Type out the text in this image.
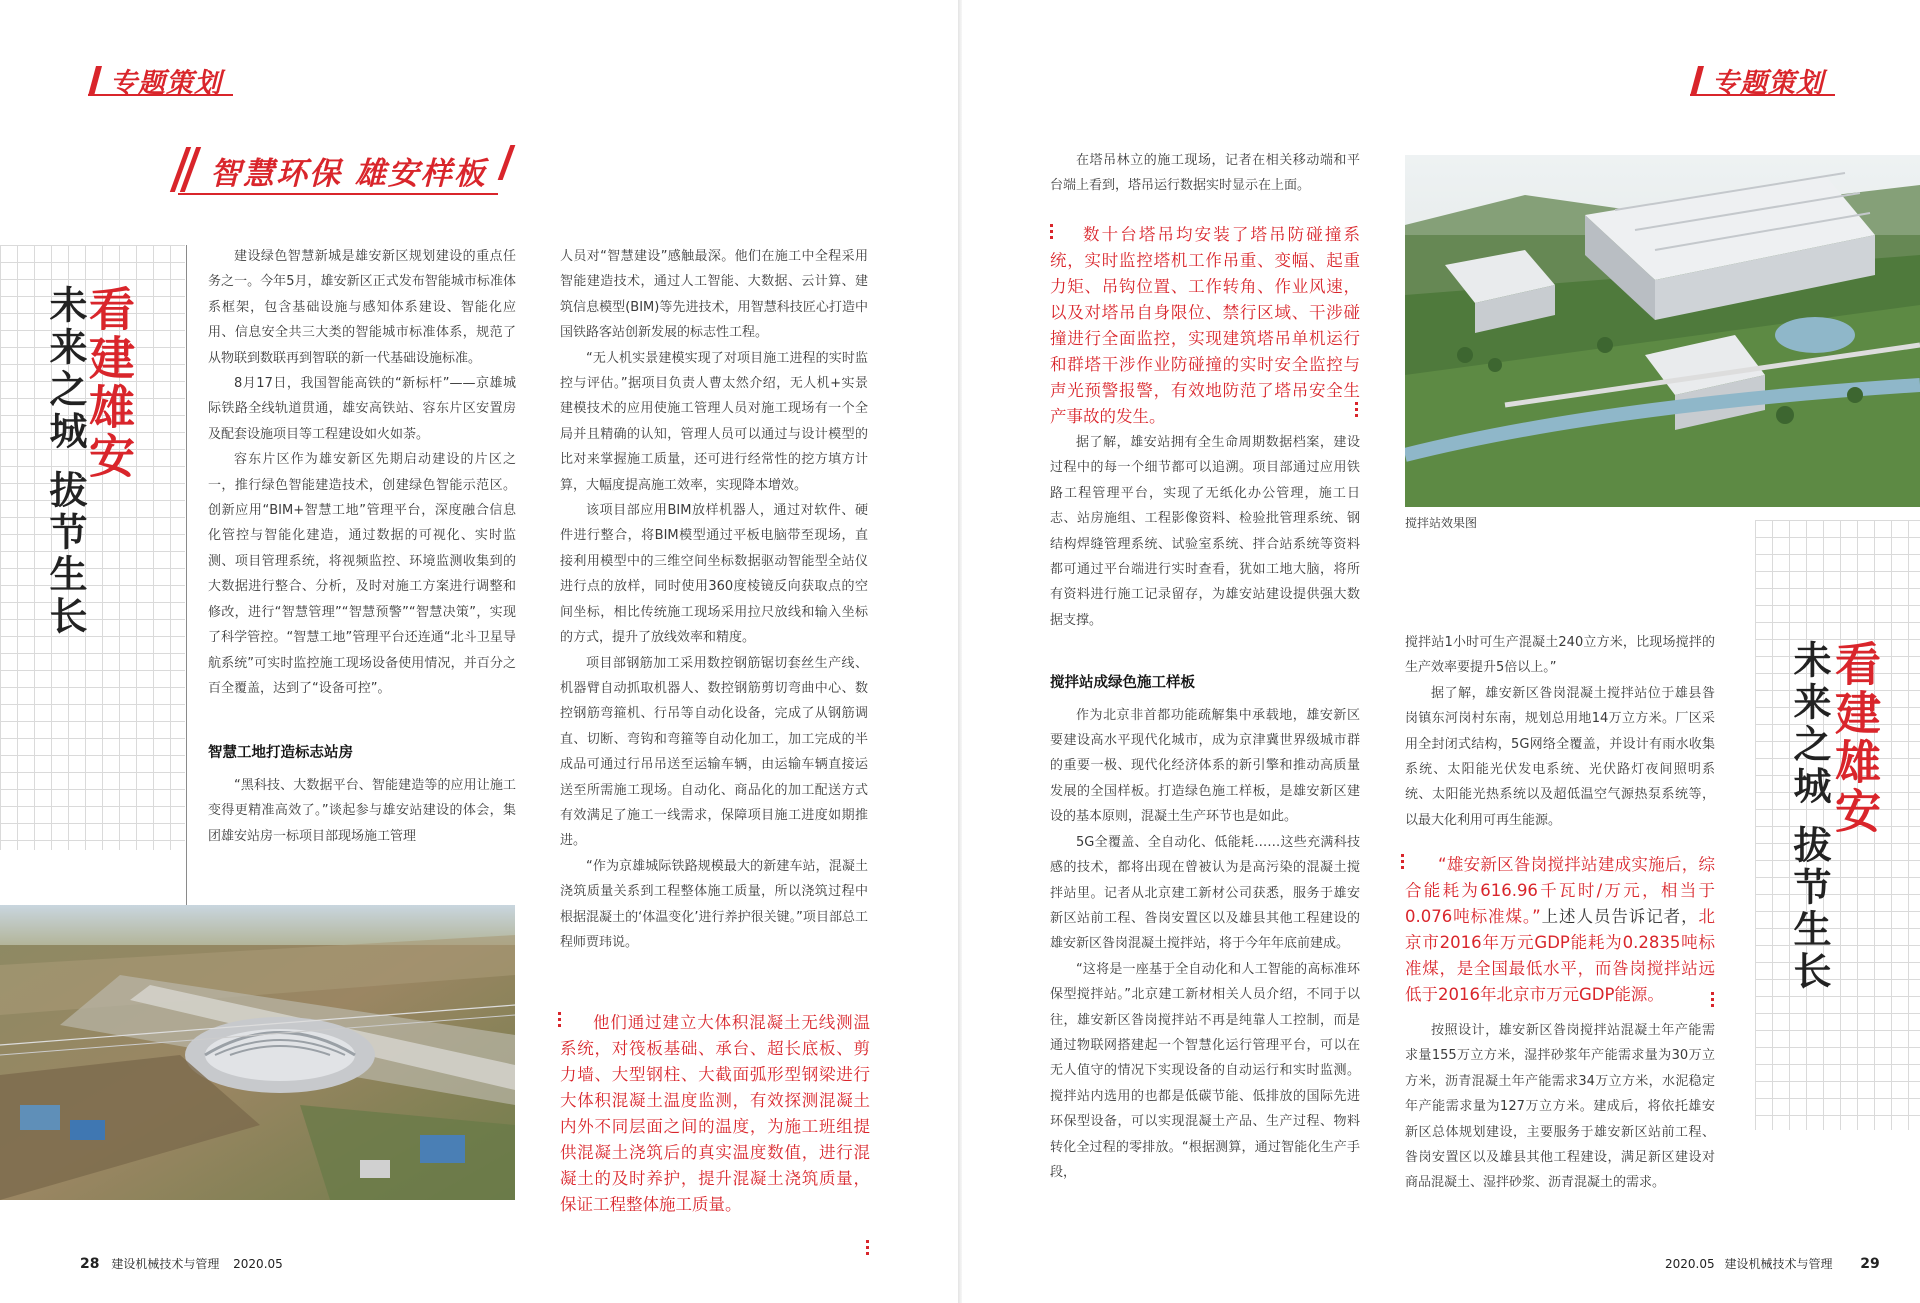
专题策划	专题策划
智慧环保 雄安样板
未来之城 拔节生长
看建雄安
未来之城 拔节生长
看建雄安

建设绿色智慧新城是雄安新区规划建设的重点任务之一。今年5月，雄安新区正式发布智能城市标准体系框架，包含基础设施与感知体系建设、智能化应用、信息安全共三大类的智能城市标准体系，规范了从物联到数联再到智联的新一代基础设施标准。

8月17日，我国智能高铁的“新标杆”——京雄城际铁路全线轨道贯通，雄安高铁站、容东片区安置房及配套设施项目等工程建设如火如荼。

容东片区作为雄安新区先期启动建设的片区之一，推行绿色智能建造技术，创建绿色智能示范区。创新应用“BIM+智慧工地”管理平台，深度融合信息化管控与智能化建造，通过数据的可视化、实时监测、项目管理系统，将视频监控、环境监测收集到的大数据进行整合、分析，及时对施工方案进行调整和修改，进行“智慧管理”“智慧预警”“智慧决策”，实现了科学管控。“智慧工地”管理平台还连通“北斗卫星导航系统”可实时监控施工现场设备使用情况，并百分之百全覆盖，达到了“设备可控”。

智慧工地打造标志站房

“黑科技、大数据平台、智能建造等的应用让施工变得更精准高效了。”谈起参与雄安站建设的体会，集团雄安站房一标项目部现场施工管理

人员对“智慧建设”感触最深。他们在施工中全程采用智能建造技术，通过人工智能、大数据、云计算、建筑信息模型(BIM)等先进技术，用智慧科技匠心打造中国铁路客站创新发展的标志性工程。

“无人机实景建模实现了对项目施工进程的实时监控与评估。”据项目负责人曹太然介绍，无人机+实景建模技术的应用使施工管理人员对施工现场有一个全局并且精确的认知，管理人员可以通过与设计模型的比对来掌握施工质量，还可进行经常性的挖方填方计算，大幅度提高施工效率，实现降本增效。

该项目部应用BIM放样机器人，通过对软件、硬件进行整合，将BIM模型通过平板电脑带至现场，直接利用模型中的三维空间坐标数据驱动智能型全站仪进行点的放样，同时使用360度棱镜反向获取点的空间坐标，相比传统施工现场采用拉尺放线和输入坐标的方式，提升了放线效率和精度。

项目部钢筋加工采用数控钢筋锯切套丝生产线、机器臂自动抓取机器人、数控钢筋剪切弯曲中心、数控钢筋弯箍机、行吊等自动化设备，完成了从钢筋调直、切断、弯钩和弯箍等自动化加工，加工完成的半成品可通过行吊吊送至运输车辆，由运输车辆直接运送至所需施工现场。自动化、商品化的加工配送方式有效满足了施工一线需求，保障项目施工进度如期推进。

“作为京雄城际铁路规模最大的新建车站，混凝土浇筑质量关系到工程整体施工质量，所以浇筑过程中根据混凝土的‘体温变化’进行养护很关键。”项目部总工程师贾玮说。

他们通过建立大体积混凝土无线测温系统，对筏板基础、承台、超长底板、剪力墙、大型钢柱、大截面弧形型钢梁进行大体积混凝土温度监测，有效探测混凝土内外不同层面之间的温度，为施工班组提供混凝土浇筑后的真实温度数值，进行混凝土的及时养护，提升混凝土浇筑质量，保证工程整体施工质量。

在塔吊林立的施工现场，记者在相关移动端和平台端上看到，塔吊运行数据实时显示在上面。

数十台塔吊均安装了塔吊防碰撞系统，实时监控塔机工作吊重、变幅、起重力矩、吊钩位置、工作转角、作业风速，以及对塔吊自身限位、禁行区域、干涉碰撞进行全面监控，实现建筑塔吊单机运行和群塔干涉作业防碰撞的实时安全监控与声光预警报警，有效地防范了塔吊安全生产事故的发生。

据了解，雄安站拥有全生命周期数据档案，建设过程中的每一个细节都可以追溯。项目部通过应用铁路工程管理平台，实现了无纸化办公管理，施工日志、站房施组、工程影像资料、检验批管理系统、钢结构焊缝管理系统、试验室系统、拌合站系统等资料都可通过平台端进行实时查看，犹如工地大脑，将所有资料进行施工记录留存，为雄安站建设提供强大数据支撑。

搅拌站成绿色施工样板

作为北京非首都功能疏解集中承载地，雄安新区要建设高水平现代化城市，成为京津冀世界级城市群的重要一极、现代化经济体系的新引擎和推动高质量发展的全国样板。打造绿色施工样板，是雄安新区建设的基本原则，混凝土生产环节也是如此。

5G全覆盖、全自动化、低能耗……这些充满科技感的技术，都将出现在曾被认为是高污染的混凝土搅拌站里。记者从北京建工新材公司获悉，服务于雄安新区站前工程、昝岗安置区以及雄县其他工程建设的雄安新区昝岗混凝土搅拌站，将于今年年底前建成。

“这将是一座基于全自动化和人工智能的高标准环保型搅拌站。”北京建工新材相关人员介绍，不同于以往，雄安新区昝岗搅拌站不再是纯靠人工控制，而是通过物联网搭建起一个智慧化运行管理平台，可以在无人值守的情况下实现设备的自动运行和实时监测。搅拌站内选用的也都是低碳节能、低排放的国际先进环保型设备，可以实现混凝土产品、生产过程、物料转化全过程的零排放。“根据测算，通过智能化生产手段，

搅拌站效果图

搅拌站1小时可生产混凝土240立方米，比现场搅拌的生产效率要提升5倍以上。”

据了解，雄安新区昝岗混凝土搅拌站位于雄县昝岗镇东河岗村东南，规划总用地14万立方米。厂区采用全封闭式结构，5G网络全覆盖，并设计有雨水收集系统、太阳能光伏发电系统、光伏路灯夜间照明系统、太阳能光热系统以及超低温空气源热泵系统等，以最大化利用可再生能源。

“雄安新区昝岗搅拌站建成实施后，综合能耗为616.96千瓦时/万元，相当于0.076吨标准煤。”上述人员告诉记者，北京市2016年万元GDP能耗为0.2835吨标准煤，是全国最低水平，而昝岗搅拌站远低于2016年北京市万元GDP能源。

按照设计，雄安新区昝岗搅拌站混凝土年产能需求量155万立方米，湿拌砂浆年产能需求量为30万立方米，沥青混凝土年产能需求34万立方米，水泥稳定年产能需求量为127万立方米。建成后，将依托雄安新区总体规划建设，主要服务于雄安新区站前工程、昝岗安置区以及雄县其他工程建设，满足新区建设对商品混凝土、湿拌砂浆、沥青混凝土的需求。

28 建设机械技术与管理 2020.05	2020.05 建设机械技术与管理 29
